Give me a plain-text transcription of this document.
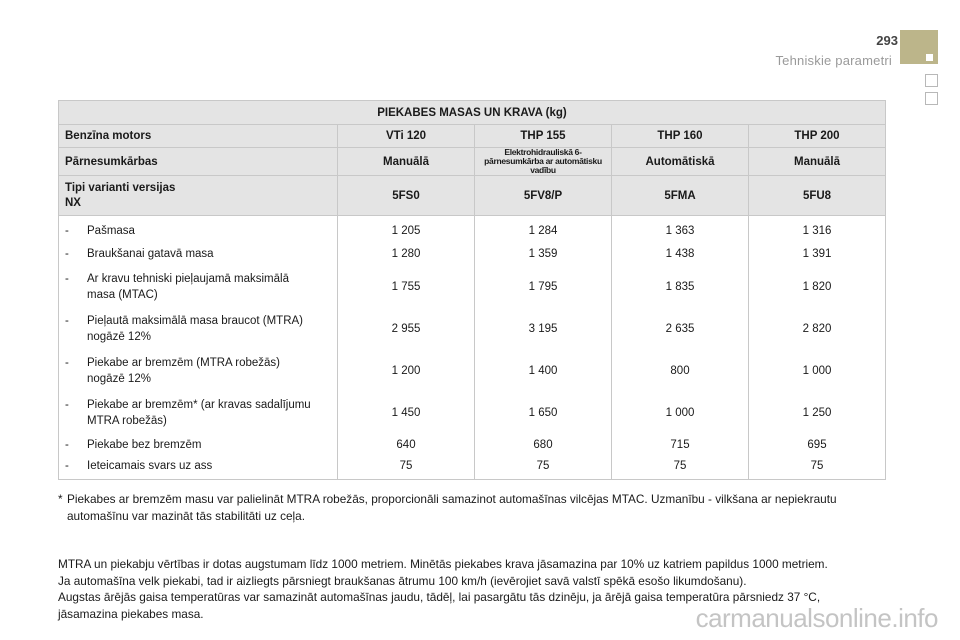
293
Tehniskie parametri
PIEKABES MASAS UN KRAVA (kg)				
Benzīna motors	VTi 120	THP 155	THP 160	THP 200
Pārnesumkārbas	Manuālā	Elektrohidrauliskā 6-pārnesumkārba ar automātisku vadību	Automātiskā	Manuālā

Tipi varianti versijas
NX	5FS0	5FV8/P	5FMA	5FU8

- Pašmasa	1 205	1 284	1 363	1 316

- Braukšanai gatavā masa	1 280	1 359	1 438	1 391

- Ar kravu tehniski pieļaujamā maksimālā
masa (MTAC)	1 755	1 795	1 835	1 820

- Pieļautā maksimālā masa braucot (MTRA)
nogāzē 12%	2 955	3 195	2 635	2 820

- Piekabe ar bremzēm (MTRA robežās)
nogāzē 12%	1 200	1 400	800	1 000

- Piekabe ar bremzēm* (ar kravas sadalījumu
MTRA robežās)	1 450	1 650	1 000	1 250

- Piekabe bez bremzēm	640	680	715	695

- Ieteicamais svars uz ass	75	75	75	75
* Piekabes ar bremzēm masu var palielināt MTRA robežās, proporcionāli samazinot automašīnas vilcējas MTAC. Uzmanību - vilkšana ar nepiekrautu automašīnu var mazināt tās stabilitāti uz ceļa.
MTRA un piekabju vērtības ir dotas augstumam līdz 1000 metriem. Minētās piekabes krava jāsamazina par 10% uz katriem papildus 1000 metriem.
Ja automašīna velk piekabi, tad ir aizliegts pārsniegt braukšanas ātrumu 100 km/h (ievērojiet savā valstī spēkā esošo likumdošanu).
Augstas ārējās gaisa temperatūras var samazināt automašīnas jaudu, tādēļ, lai pasargātu tās dzinēju, ja ārējā gaisa temperatūra pārsniedz 37 °C,
jāsamazina piekabes masa.	carmanualsonline.info
